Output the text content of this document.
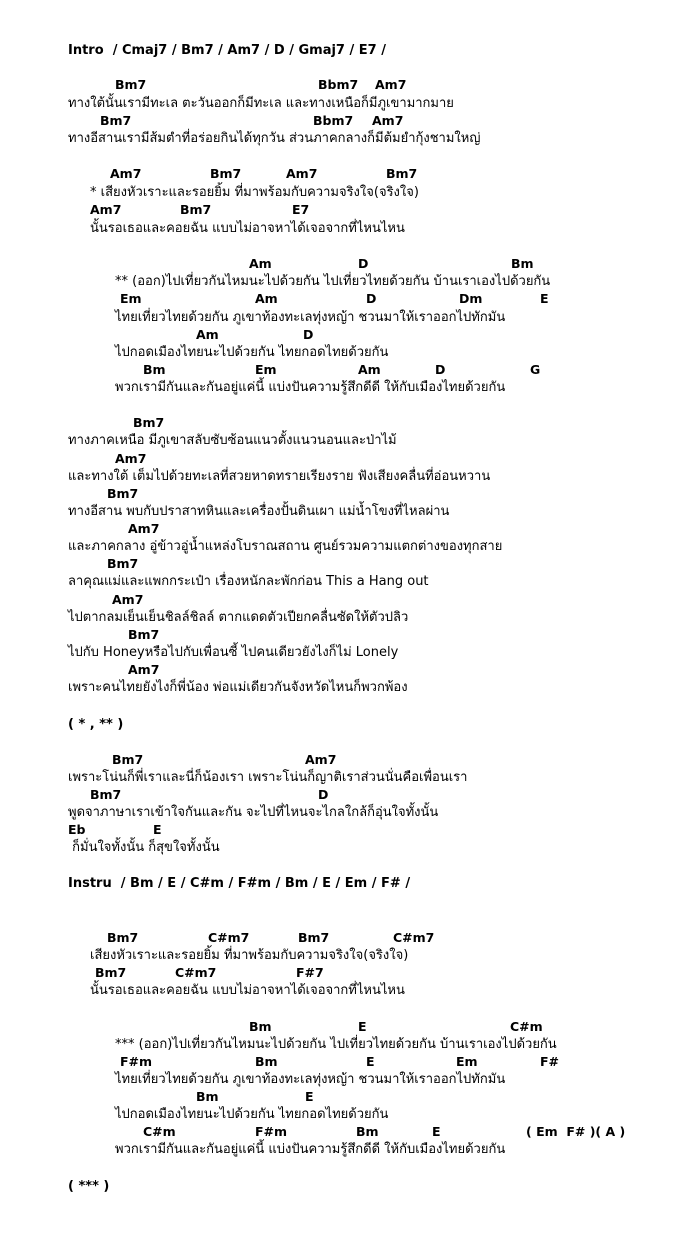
Intro  / Cmaj7 / Bm7 / Am7 / D / Gmaj7 / E7 /
Bm7	Bbm7 Am7
ทางใต้นั้นเรามีทะเล ตะวันออกก็มีทะเล และทางเหนือก็มีภูเขามากมาย
Bm7	Bbm7 Am7
ทางอีสานเรามีส้มตำที่อร่อยกินได้ทุกวัน ส่วนภาคกลางก็มีต้มยำกุ้งชามใหญ่
Am7	Bm7	Am7	Bm7
* เสียงหัวเราะและรอยยิ้ม ที่มาพร้อมกับความจริงใจ(จริงใจ)
Am7	Bm7	E7
นั้นรอเธอและคอยฉัน แบบไม่อาจหาได้เจอจากที่ไหนไหน
Am	D	Bm
** (ออก)ไปเที่ยวกันไหมนะไปด้วยกัน ไปเที่ยวไทยด้วยกัน บ้านเราเองไปด้วยกัน
Em	Am	D	Dm	E
ไทยเที่ยวไทยด้วยกัน ภูเขาท้องทะเลทุ่งหญ้า ชวนมาให้เราออกไปทักมัน
Am	D
ไปกอดเมืองไทยนะไปด้วยกัน ไทยกอดไทยด้วยกัน
Bm	Em	Am	D	G
พวกเรามีกันและกันอยู่แค่นี้ แบ่งปันความรู้สึกดีดี ให้กับเมืองไทยด้วยกัน
Bm7
ทางภาคเหนือ มีภูเขาสลับซับซ้อนแนวตั้งแนวนอนและป่าไม้
Am7
และทางใต้ เต็มไปด้วยทะเลที่สวยหาดทรายเรียงราย ฟังเสียงคลื่นที่อ่อนหวาน
Bm7
ทางอีสาน พบกับปราสาทหินและเครื่องปั้นดินเผา แม่น้ำโขงที่ไหลผ่าน
Am7
และภาคกลาง อู่ข้าวอู่น้ำแหล่งโบราณสถาน ศูนย์รวมความแตกต่างของทุกสาย
Bm7
ลาคุณแม่และแพกกระเป๋า เรื่องหนักละพักก่อน This a Hang out
Am7
ไปตากลมเย็นเย็นชิลล์ชิลล์ ตากแดดตัวเปียกคลื่นซัดให้ตัวปลิว
Bm7
ไปกับ Honeyหรือไปกับเพื่อนซี้ ไปคนเดียวยังไงก็ไม่ Lonely
Am7
เพราะคนไทยยังไงก็พี่น้อง พ่อแม่เดียวกันจังหวัดไหนก็พวกพ้อง
( * , ** )
Bm7	Am7
เพราะโน่นก็พี่เราและนี่ก็น้องเรา เพราะโน่นก็ญาติเราส่วนนั่นคือเพื่อนเรา
Bm7	D
พูดจาภาษาเราเข้าใจกันและกัน จะไปที่ไหนจะไกลใกล้ก็อุ่นใจทั้งนั้น
Eb	E
ก็มั่นใจทั้งนั้น ก็สุขใจทั้งนั้น
Instru  / Bm / E / C#m / F#m / Bm / E / Em / F# /
Bm7	C#m7	Bm7	C#m7
เสียงหัวเราะและรอยยิ้ม ที่มาพร้อมกับความจริงใจ(จริงใจ)
Bm7	C#m7	F#7
นั้นรอเธอและคอยฉัน แบบไม่อาจหาได้เจอจากที่ไหนไหน
Bm	E	C#m
*** (ออก)ไปเที่ยวกันไหมนะไปด้วยกัน ไปเที่ยวไทยด้วยกัน บ้านเราเองไปด้วยกัน
F#m	Bm	E	Em	F#
ไทยเที่ยวไทยด้วยกัน ภูเขาท้องทะเลทุ่งหญ้า ชวนมาให้เราออกไปทักมัน
Bm	E
ไปกอดเมืองไทยนะไปด้วยกัน ไทยกอดไทยด้วยกัน
C#m	F#m	Bm	E	( Em  F# )( A )
พวกเรามีกันและกันอยู่แค่นี้ แบ่งปันความรู้สึกดีดี ให้กับเมืองไทยด้วยกัน
( *** )
